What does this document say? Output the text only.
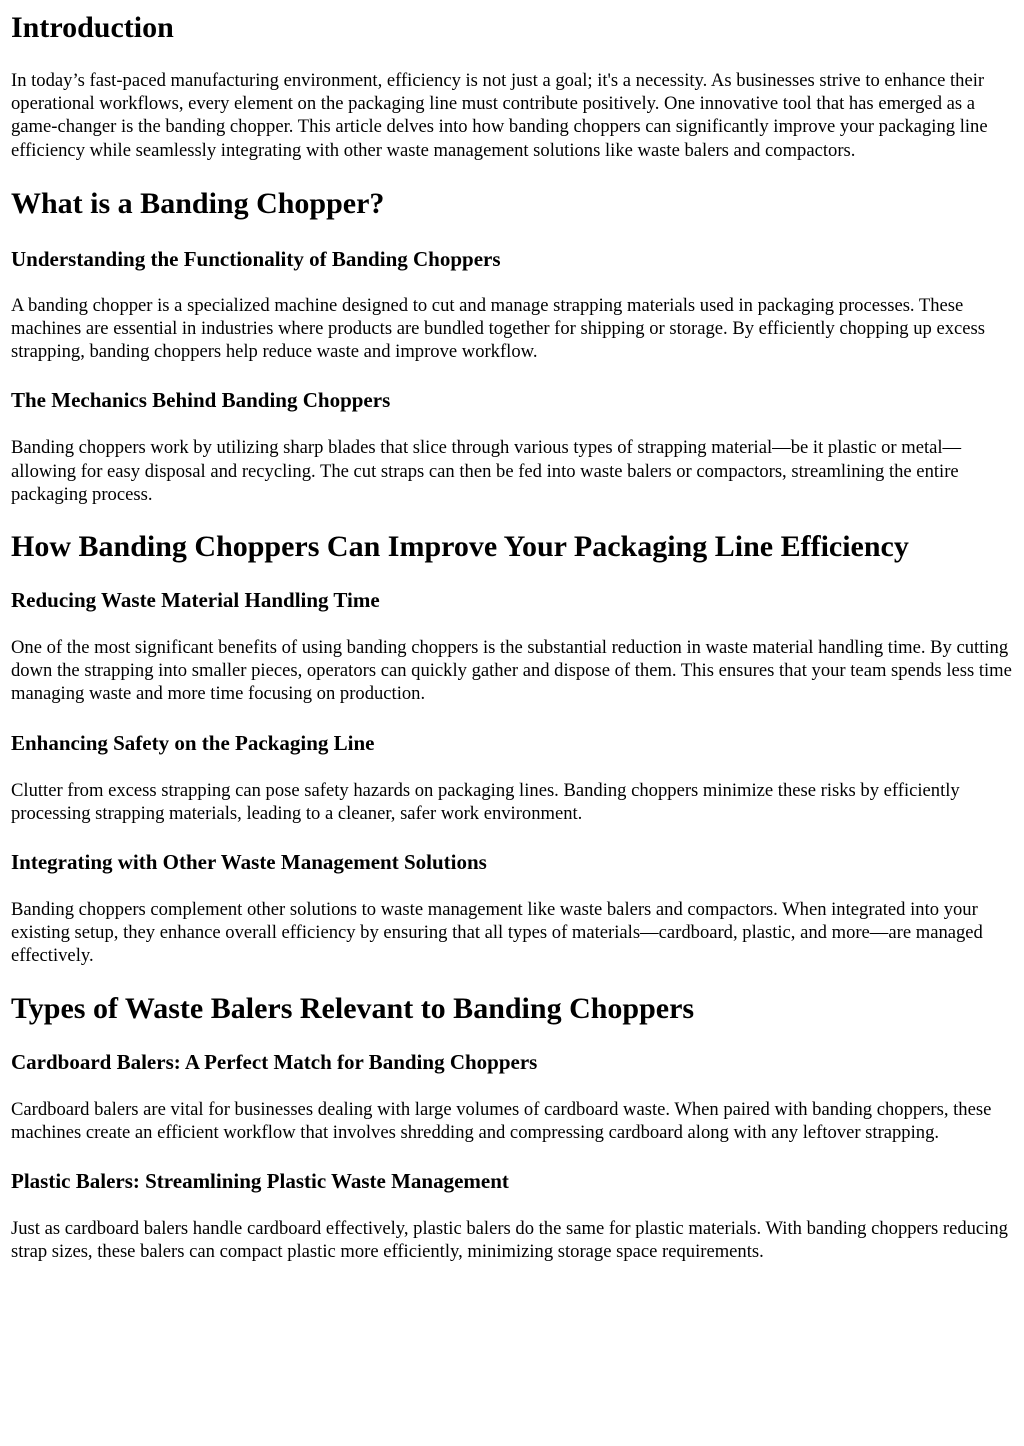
Introduction

In today’s fast-paced manufacturing environment, efficiency is not just a goal; it's a necessity. As businesses strive to enhance their operational workflows, every element on the packaging line must contribute positively. One innovative tool that has emerged as a game-changer is the banding chopper. This article delves into how banding choppers can significantly improve your packaging line efficiency while seamlessly integrating with other waste management solutions like waste balers and compactors.

What is a Banding Chopper?
Understanding the Functionality of Banding Choppers

A banding chopper is a specialized machine designed to cut and manage strapping materials used in packaging processes. These machines are essential in industries where products are bundled together for shipping or storage. By efficiently chopping up excess strapping, banding choppers help reduce waste and improve workflow.

The Mechanics Behind Banding Choppers

Banding choppers work by utilizing sharp blades that slice through various types of strapping material—be it plastic or metal—allowing for easy disposal and recycling. The cut straps can then be fed into waste balers or compactors, streamlining the entire packaging process.

How Banding Choppers Can Improve Your Packaging Line Efficiency
Reducing Waste Material Handling Time

One of the most significant benefits of using banding choppers is the substantial reduction in waste material handling time. By cutting down the strapping into smaller pieces, operators can quickly gather and dispose of them. This ensures that your team spends less time managing waste and more time focusing on production.

Enhancing Safety on the Packaging Line

Clutter from excess strapping can pose safety hazards on packaging lines. Banding choppers minimize these risks by efficiently processing strapping materials, leading to a cleaner, safer work environment.

Integrating with Other Waste Management Solutions

Banding choppers complement other solutions to waste management like waste balers and compactors. When integrated into your existing setup, they enhance overall efficiency by ensuring that all types of materials—cardboard, plastic, and more—are managed effectively.

Types of Waste Balers Relevant to Banding Choppers
Cardboard Balers: A Perfect Match for Banding Choppers

Cardboard balers are vital for businesses dealing with large volumes of cardboard waste. When paired with banding choppers, these machines create an efficient workflow that involves shredding and compressing cardboard along with any leftover strapping.

Plastic Balers: Streamlining Plastic Waste Management

Just as cardboard balers handle cardboard effectively, plastic balers do the same for plastic materials. With banding choppers reducing strap sizes, these balers can compact plastic more efficiently, minimizing storage space requirements.
